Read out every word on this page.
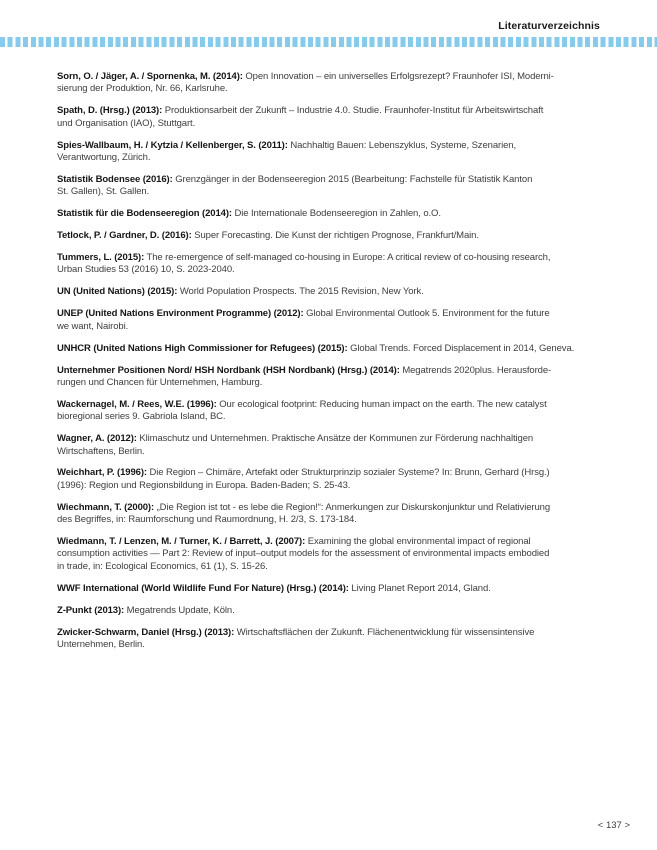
Literaturverzeichnis

Sorn, O. / Jäger, A. / Spornenka, M. (2014): Open Innovation – ein universelles Erfolgsrezept? Fraunhofer ISI, Moderni-
sierung der Produktion, Nr. 66, Karlsruhe.

Spath, D. (Hrsg.) (2013): Produktionsarbeit der Zukunft – Industrie 4.0. Studie. Fraunhofer-Institut für Arbeitswirtschaft
und Organisation (IAO), Stuttgart.

Spies-Wallbaum, H. / Kytzia / Kellenberger, S. (2011): Nachhaltig Bauen: Lebenszyklus, Systeme, Szenarien,
Verantwortung, Zürich.

Statistik Bodensee (2016): Grenzgänger in der Bodenseeregion 2015 (Bearbeitung: Fachstelle für Statistik Kanton
St. Gallen), St. Gallen.

Statistik für die Bodenseeregion (2014): Die Internationale Bodenseeregion in Zahlen, o.O.

Tetlock, P. / Gardner, D. (2016): Super Forecasting. Die Kunst der richtigen Prognose, Frankfurt/Main.

Tummers, L. (2015): The re-emergence of self-managed co-housing in Europe: A critical review of co-housing research,
Urban Studies 53 (2016) 10, S. 2023-2040.

UN (United Nations) (2015): World Population Prospects. The 2015 Revision, New York.

UNEP (United Nations Environment Programme) (2012): Global Environmental Outlook 5. Environment for the future
we want, Nairobi.

UNHCR (United Nations High Commissioner for Refugees) (2015): Global Trends. Forced Displacement in 2014, Geneva.

Unternehmer Positionen Nord/ HSH Nordbank (HSH Nordbank) (Hrsg.) (2014): Megatrends 2020plus. Herausforde-
rungen und Chancen für Unternehmen, Hamburg.

Wackernagel, M. / Rees, W.E. (1996): Our ecological footprint: Reducing human impact on the earth. The new catalyst
bioregional series 9. Gabriola Island, BC.

Wagner, A. (2012): Klimaschutz und Unternehmen. Praktische Ansätze der Kommunen zur Förderung nachhaltigen
Wirtschaftens, Berlin.

Weichhart, P. (1996): Die Region – Chimäre, Artefakt oder Strukturprinzip sozialer Systeme? In: Brunn, Gerhard (Hrsg.)
(1996): Region und Regionsbildung in Europa. Baden-Baden; S. 25-43.

Wiechmann, T. (2000): „Die Region ist tot - es lebe die Region!“: Anmerkungen zur Diskurskonjunktur und Relativierung
des Begriffes, in: Raumforschung und Raumordnung, H. 2/3, S. 173-184.

Wiedmann, T. / Lenzen, M. / Turner, K. / Barrett, J. (2007): Examining the global environmental impact of regional
consumption activities — Part 2: Review of input–output models for the assessment of environmental impacts embodied
in trade, in: Ecological Economics, 61 (1), S. 15-26.

WWF International (World Wildlife Fund For Nature) (Hrsg.) (2014): Living Planet Report 2014, Gland.

Z-Punkt (2013): Megatrends Update, Köln.

Zwicker-Schwarm, Daniel (Hrsg.) (2013): Wirtschaftsflächen der Zukunft. Flächenentwicklung für wissensintensive
Unternehmen, Berlin.

< 137 >
